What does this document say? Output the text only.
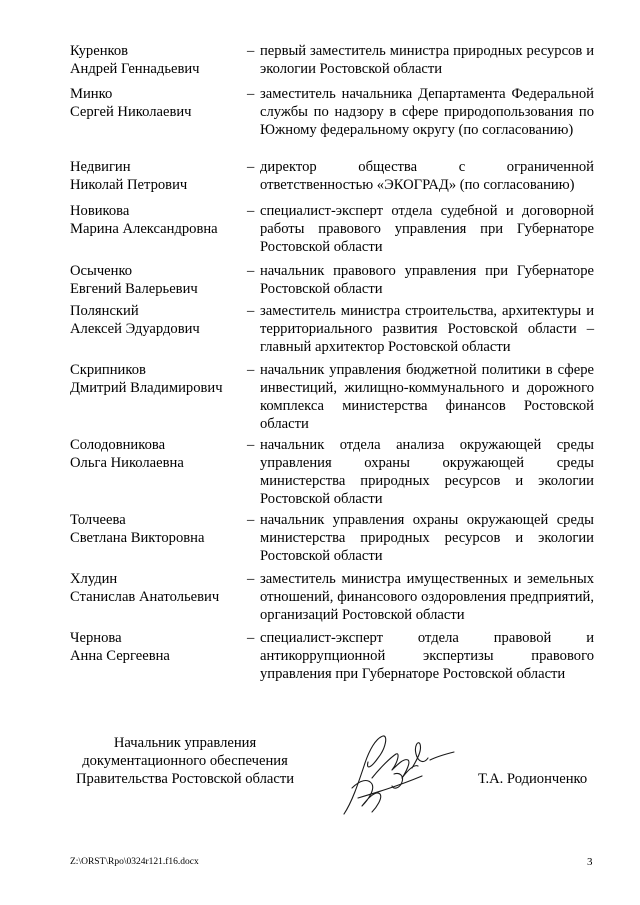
Куренков
Андрей Геннадьевич
– первый заместитель министра природных ресурсов и экологии Ростовской области
Минко
Сергей Николаевич
– заместитель начальника Департамента Федеральной службы по надзору в сфере природопользования по Южному федеральному округу (по согласованию)
Недвигин
Николай Петрович
– директор общества с ограниченной ответственностью «ЭКОГРАД» (по согласованию)
Новикова
Марина Александровна
– специалист-эксперт отдела судебной и договорной работы правового управления при Губернаторе Ростовской области
Осыченко
Евгений Валерьевич
– начальник правового управления при Губернаторе Ростовской области
Полянский
Алексей Эдуардович
– заместитель министра строительства, архитектуры и территориального развития Ростовской области – главный архитектор Ростовской области
Скрипников
Дмитрий Владимирович
– начальник управления бюджетной политики в сфере инвестиций, жилищно-коммунального и дорожного комплекса министерства финансов Ростовской области
Солодовникова
Ольга Николаевна
– начальник отдела анализа окружающей среды управления охраны окружающей среды министерства природных ресурсов и экологии Ростовской области
Толчеева
Светлана Викторовна
– начальник управления охраны окружающей среды министерства природных ресурсов и экологии Ростовской области
Хлудин
Станислав Анатольевич
– заместитель министра имущественных и земельных отношений, финансового оздоровления предприятий, организаций Ростовской области
Чернова
Анна Сергеевна
– специалист-эксперт отдела правовой и антикоррупционной экспертизы правового управления при Губернаторе Ростовской области
Начальник управления
документационного обеспечения
Правительства Ростовской области	Т.А. Родионченко
Z:\ORST\Rpo\0324r121.f16.docx	3
